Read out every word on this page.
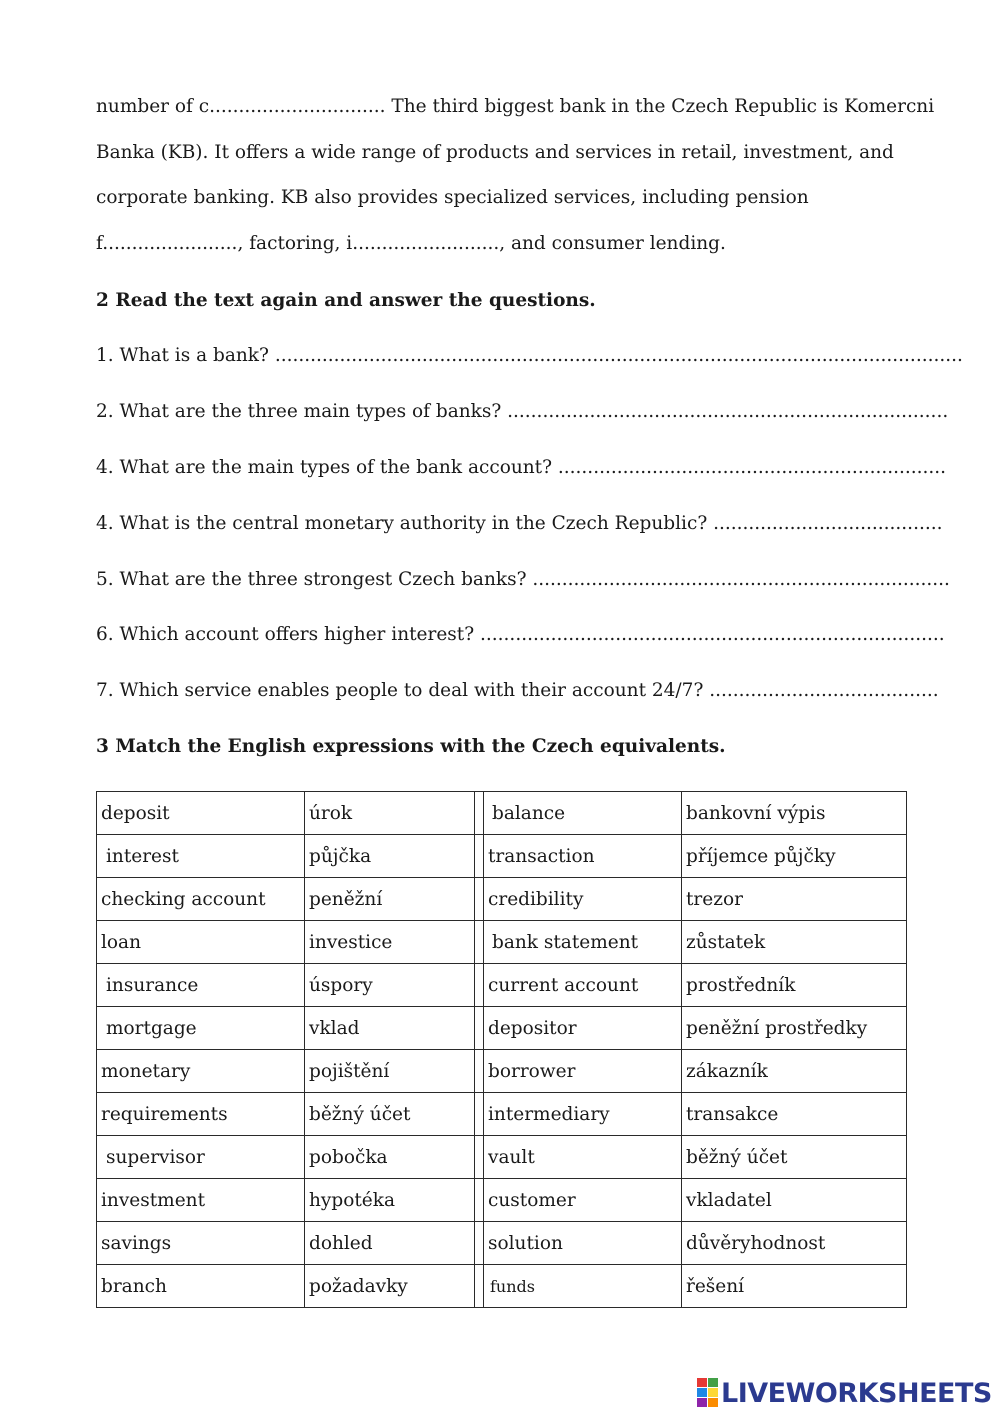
number of c.............................. The third biggest bank in the Czech Republic is Komercni
Banka (KB). It offers a wide range of products and services in retail, investment, and
corporate banking. KB also provides specialized services, including pension
f......................., factoring, i........................., and consumer lending.
2 Read the text again and answer the questions.
1. What is a bank? .....................................................................................................................
2. What are the three main types of banks? ...........................................................................
4. What are the main types of the bank account? ..................................................................
4. What is the central monetary authority in the Czech Republic? .......................................
5. What are the three strongest Czech banks? .......................................................................
6. Which account offers higher interest? ...............................................................................
7. Which service enables people to deal with their account 24/7? .......................................
3 Match the English expressions with the Czech equivalents.
deposit	úrok		balance	bankovní výpis
interest	půjčka		transaction	příjemce půjčky
checking account	peněžní		credibility	trezor
loan	investice		bank statement	zůstatek
insurance	úspory		current account	prostředník
mortgage	vklad		depositor	peněžní prostředky
monetary	pojištění		borrower	zákazník
requirements	běžný účet		intermediary	transakce
supervisor	pobočka		vault	běžný účet
investment	hypotéka		customer	vkladatel
savings	dohled		solution	důvěryhodnost
branch	požadavky		funds	řešení
LIVEWORKSHEETS
